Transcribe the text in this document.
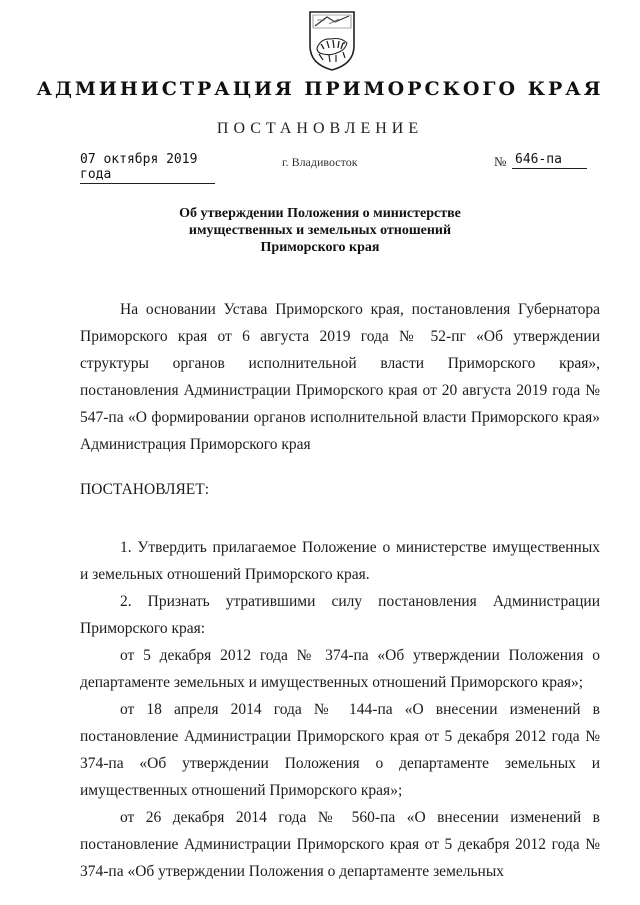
АДМИНИСТРАЦИЯ ПРИМОРСКОГО КРАЯ
ПОСТАНОВЛЕНИЕ
07 октября 2019 года
г. Владивосток	№ 646-па
Об утверждении Положения о министерстве
имущественных и земельных отношений
Приморского края

На основании Устава Приморского края, постановления Губернатора Приморского края от 6 августа 2019 года № 52-пг «Об утверждении структуры органов исполнительной власти Приморского края», постановления Администрации Приморского края от 20 августа 2019 года № 547-па «О формировании органов исполнительной власти Приморского края» Администрация Приморского края

ПОСТАНОВЛЯЕТ:

1. Утвердить прилагаемое Положение о министерстве имущественных и земельных отношений Приморского края.

2. Признать утратившими силу постановления Администрации Приморского края:

от 5 декабря 2012 года № 374-па «Об утверждении Положения о департаменте земельных и имущественных отношений Приморского края»;

от 18 апреля 2014 года № 144-па «О внесении изменений в постановление Администрации Приморского края от 5 декабря 2012 года № 374-па «Об утверждении Положения о департаменте земельных и имущественных отношений Приморского края»;

от 26 декабря 2014 года № 560-па «О внесении изменений в постановление Администрации Приморского края от 5 декабря 2012 года № 374-па «Об утверждении Положения о департаменте земельных
